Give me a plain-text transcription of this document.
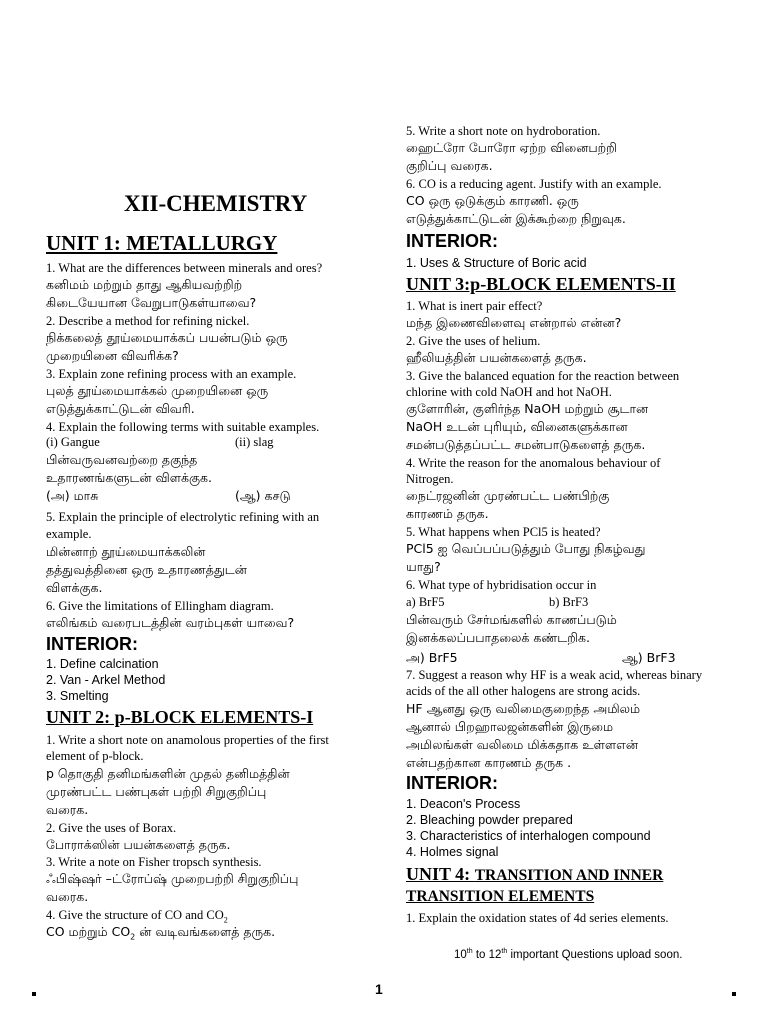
XII-CHEMISTRY
UNIT 1: METALLURGY
1. What are the differences between minerals and ores?
கனிமம் மற்றும் தாது ஆகியவற்றிற்
கிடையேயான வேறுபாடுகள்யாவை?
2. Describe a method for refining nickel.
நிக்கலைத் தூய்மையாக்கப் பயன்படும் ஒரு
முறையினை விவரிக்க?
3. Explain zone refining process with an example.
புலத் தூய்மையாக்கல் முறையினை ஒரு
எடுத்துக்காட்டுடன் விவரி.
4. Explain the following terms with suitable examples.
(i) Gangue	(ii) slag
பின்வருவனவற்றை தகுந்த
உதாரணங்களுடன் விளக்குக.
(அ) மாசு	(ஆ) கசடு
5. Explain the principle of electrolytic refining with an
example.
மின்னாற் தூய்மையாக்கலின்
தத்துவத்தினை ஒரு உதாரணத்துடன்
விளக்குக.
6. Give the limitations of Ellingham diagram.
எலிங்கம் வரைபடத்தின் வரம்புகள் யாவை?
INTERIOR:
1. Define calcination
2. Van - Arkel Method
3. Smelting
UNIT 2: p-BLOCK ELEMENTS-I
1. Write a short note on anamolous properties of the first
element of p-block.
p தொகுதி தனிமங்களின் முதல் தனிமத்தின்
முரண்பட்ட பண்புகள் பற்றி சிறுகுறிப்பு
வரைக.
2. Give the uses of Borax.
போராக்ஸின் பயன்களைத் தருக.
3. Write a note on Fisher tropsch synthesis.
ஃபிஷ்ஷர் –ட்ரோப்ஷ் முறைபற்றி சிறுகுறிப்பு
வரைக.
4. Give the structure of CO and $CO_2$
CO மற்றும் $CO_2$ ன் வடிவங்களைத் தருக.
5. Write a short note on hydroboration.
ஹைட்ரோ போரோ ஏற்ற வினைபற்றி
குறிப்பு வரைக.
6. CO is a reducing agent. Justify with an example.
CO ஒரு ஒடுக்கும் காரணி. ஒரு
எடுத்துக்காட்டுடன் இக்கூற்றை நிறுவுக.
INTERIOR:
1. Uses & Structure of Boric acid
UNIT 3:p-BLOCK ELEMENTS-II
1. What is inert pair effect?
மந்த இணைவிளைவு என்றால் என்ன?
2. Give the uses of helium.
ஹீலியத்தின் பயன்களைத் தருக.
3. Give the balanced equation for the reaction between
chlorine with cold NaOH and hot NaOH.
குளோரின், குளிர்ந்த NaOH மற்றும் சூடான
NaOH உடன் புரியும், வினைகளுக்கான
சமன்படுத்தப்பட்ட சமன்பாடுகளைத் தருக.
4. Write the reason for the anomalous behaviour of
Nitrogen.
நைட்ரஜனின் முரண்பட்ட பண்பிற்கு
காரணம் தருக.
5. What happens when PCl5 is heated?
PCl5 ஐ வெப்பப்படுத்தும் போது நிகழ்வது
யாது?
6. What type of hybridisation occur in
a) BrF5	b) BrF3
பின்வரும் சேர்மங்களில் காணப்படும்
இனக்கலப்பபாதலைக் கண்டறிக.
அ) BrF5	ஆ) BrF3
7. Suggest a reason why HF is a weak acid, whereas binary
acids of the all other halogens are strong acids.
HF ஆனது ஒரு வலிமைகுறைந்த அமிலம்
ஆனால் பிறஹாலஜன்களின் இருமை
அமிலங்கள் வலிமை மிக்கதாக உள்ளஎன்
என்பதற்கான காரணம் தருக .
INTERIOR:
1. Deacon's Process
2. Bleaching powder prepared
3. Characteristics of interhalogen compound
4. Holmes signal
UNIT 4: TRANSITION AND INNER
TRANSITION ELEMENTS
1. Explain the oxidation states of 4d series elements.
10th to 12th important Questions upload soon.
1
